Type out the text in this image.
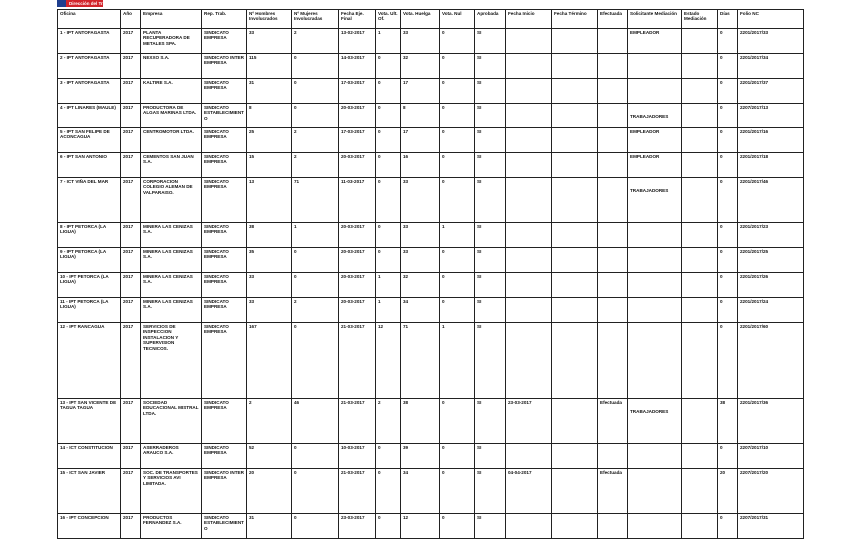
Dirección del Trabajo
Oficina	Año	Empresa	Rep. Trab.	Nº Hombres Involucrados	Nº Mujeres Involucradas	Fecha Eje. Final	Vota. Ult. Of.	Vota. Huelga	Vota. Nul	Aprobada	Fecha Inicio	Fecha Término	Efectuada	Solicitante Mediación	Estado Mediación	Días	Folio NC
1 - IPT ANTOFAGASTA	2017	PLANTA RECUPERADORA DE METALES SPA.	SINDICATO EMPRESA	33	2	13-02-2017	1	33	0	SI				EMPLEADOR		0	2201/2017/33
2 - IPT ANTOFAGASTA	2017	NEXXO S.A.	SINDICATO INTER EMPRESA	115	0	14-03-2017	0	32	0	SI						0	2201/2017/34
3 - IPT ANTOFAGASTA	2017	KALTIRE S.A.	SINDICATO EMPRESA	31	0	17-03-2017	0	17	0	SI						0	2201/2017/37
4 - IPT LINARES (MAULE)	2017	PRODUCTORA DE ALGAS MARINAS LTDA.	SINDICATO ESTABLECIMIENTO	8	0	20-03-2017	0	8	0	SI				TRABAJADORES		0	2207/2017/13
5 - IPT SAN FELIPE DE ACONCAGUA	2017	CENTROMOTOR LTDA.	SINDICATO EMPRESA	25	2	17-03-2017	0	17	0	SI				EMPLEADOR		0	2201/2017/16
6 - IPT SAN ANTONIO	2017	CEMENTOS SAN JUAN S.A.	SINDICATO EMPRESA	15	2	20-03-2017	0	16	0	SI				EMPLEADOR		0	2201/2017/18
7 - ICT VIÑA DEL MAR	2017	CORPORACION COLEGIO ALEMAN DE VALPARAISO.	SINDICATO EMPRESA	13	71	11-03-2017	0	33	0	SI				TRABAJADORES		0	2201/2017/46
8 - IPT PETORCA (LA LIGUA)	2017	MINERA LAS CENIZAS S.A.	SINDICATO EMPRESA	38	1	20-03-2017	0	33	1	SI						0	2201/2017/23
9 - IPT PETORCA (LA LIGUA)	2017	MINERA LAS CENIZAS S.A.	SINDICATO EMPRESA	35	0	20-03-2017	0	33	0	SI						0	2201/2017/25
10 - IPT PETORCA (LA LIGUA)	2017	MINERA LAS CENIZAS S.A.	SINDICATO EMPRESA	33	0	20-03-2017	1	32	0	SI						0	2201/2017/26
11 - IPT PETORCA (LA LIGUA)	2017	MINERA LAS CENIZAS S.A.	SINDICATO EMPRESA	33	2	20-03-2017	1	34	0	SI						0	2201/2017/24
12 - IPT RANCAGUA	2017	SERVICIOS DE INSPECCION INSTALACION Y SUPERVISION TECNICOS.	SINDICATO EMPRESA	167	0	21-03-2017	12	71	1	SI						0	2201/2017/60
13 - IPT SAN VICENTE DE TAGUA TAGUA	2017	SOCIEDAD EDUCACIONAL MISTRAL LTDA.	SINDICATO EMPRESA	2	46	21-03-2017	2	38	0	SI	23-03-2017		Efectuada	TRABAJADORES		38	2201/2017/36
14 - ICT CONSTITUCION	2017	ASERRADEROS ARAUCO S.A.	SINDICATO EMPRESA	52	0	10-03-2017	0	39	0	SI						0	2207/2017/10
15 - ICT SAN JAVIER	2017	SOC. DE TRANSPORTES Y SERVICIOS AVI LIMITADA.	SINDICATO INTER EMPRESA	20	0	21-03-2017	0	34	0	SI	04-04-2017		Efectuada			20	2207/2017/20
16 - IPT CONCEPCION	2017	PRODUCTOS FERNANDEZ S.A.	SINDICATO ESTABLECIMIENTO	31	0	23-03-2017	0	12	0	SI						0	2207/2017/31
